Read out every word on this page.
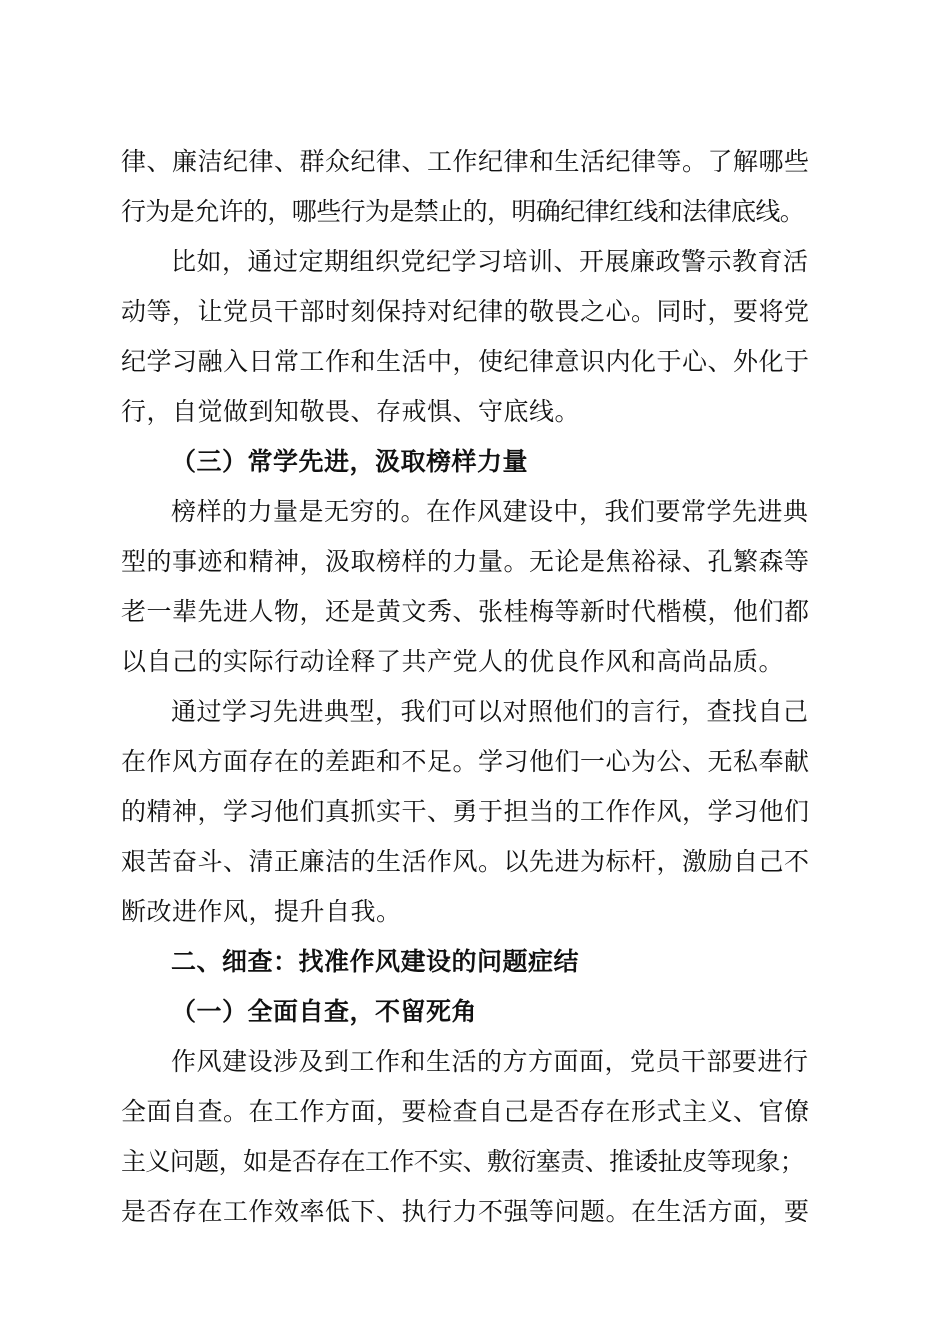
律、廉洁纪律、群众纪律、工作纪律和生活纪律等。了解哪些

行为是允许的，哪些行为是禁止的，明确纪律红线和法律底线。

比如，通过定期组织党纪学习培训、开展廉政警示教育活

动等，让党员干部时刻保持对纪律的敬畏之心。同时，要将党

纪学习融入日常工作和生活中，使纪律意识内化于心、外化于

行，自觉做到知敬畏、存戒惧、守底线。

（三）常学先进，汲取榜样力量

榜样的力量是无穷的。在作风建设中，我们要常学先进典

型的事迹和精神，汲取榜样的力量。无论是焦裕禄、孔繁森等

老一辈先进人物，还是黄文秀、张桂梅等新时代楷模，他们都

以自己的实际行动诠释了共产党人的优良作风和高尚品质。

通过学习先进典型，我们可以对照他们的言行，查找自己

在作风方面存在的差距和不足。学习他们一心为公、无私奉献

的精神，学习他们真抓实干、勇于担当的工作作风，学习他们

艰苦奋斗、清正廉洁的生活作风。以先进为标杆，激励自己不

断改进作风，提升自我。

二、细查：找准作风建设的问题症结

（一）全面自查，不留死角

作风建设涉及到工作和生活的方方面面，党员干部要进行

全面自查。在工作方面，要检查自己是否存在形式主义、官僚

主义问题，如是否存在工作不实、敷衍塞责、推诿扯皮等现象；

是否存在工作效率低下、执行力不强等问题。在生活方面，要
